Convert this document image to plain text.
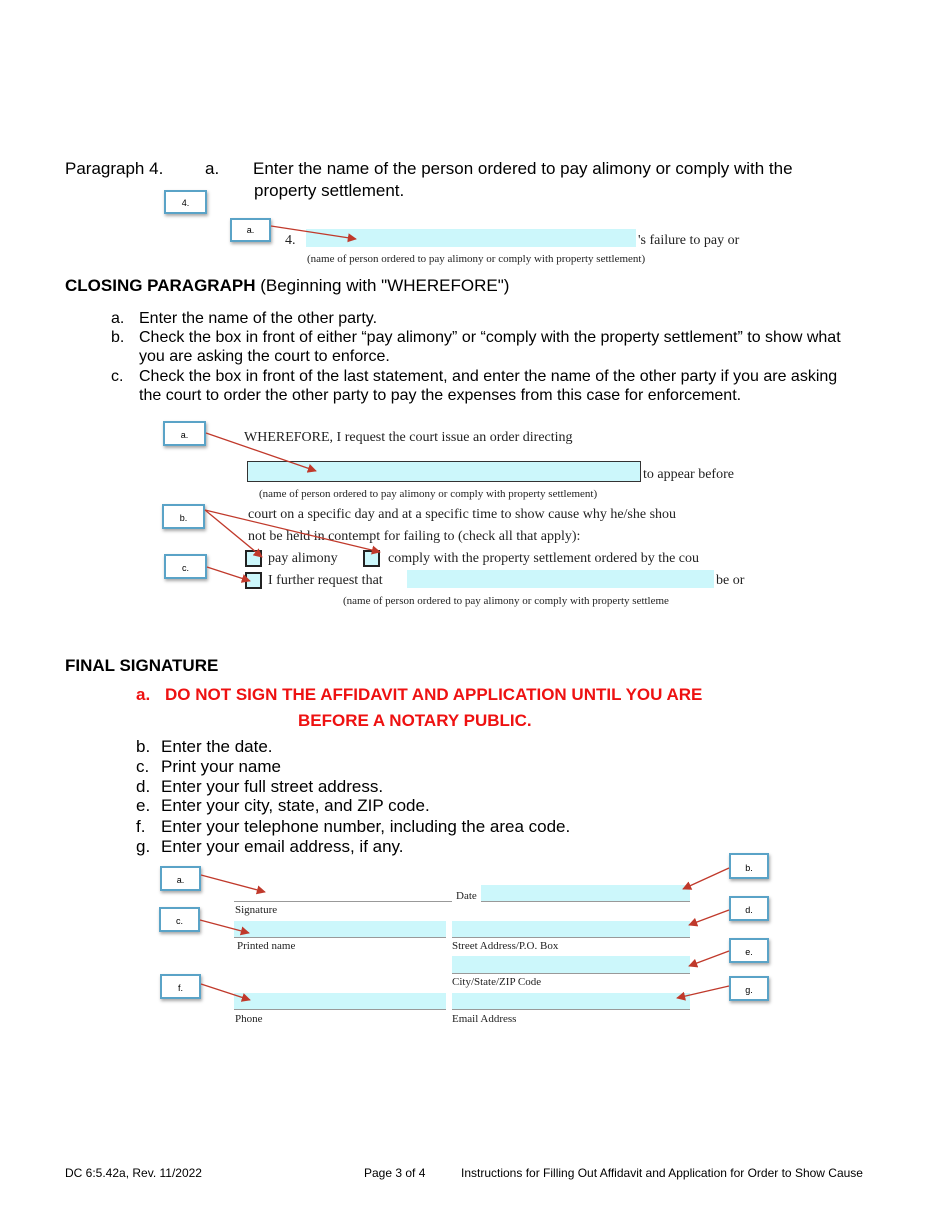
Paragraph 4. a. Enter the name of the person ordered to pay alimony or comply with the
property settlement.
4.
a.
4.	's failure to pay or
(name of person ordered to pay alimony or comply with property settlement)
CLOSING PARAGRAPH (Beginning with "WHEREFORE")
a. Enter the name of the other party.
b. Check the box in front of either “pay alimony” or “comply with the property settlement” to show what
you are asking the court to enforce.
c. Check the box in front of the last statement, and enter the name of the other party if you are asking
the court to order the other party to pay the expenses from this case for enforcement.
a.
b.
c.
WHEREFORE, I request the court issue an order directing
to appear before
(name of person ordered to pay alimony or comply with property settlement)
court on a specific day and at a specific time to show cause why he/she shou
not be held in contempt for failing to (check all that apply):
pay alimony	comply with the property settlement ordered by the cou
I further request that	be or
(name of person ordered to pay alimony or comply with property settleme
FINAL SIGNATURE
a. DO NOT SIGN THE AFFIDAVIT AND APPLICATION UNTIL YOU ARE
BEFORE A NOTARY PUBLIC.
b. Enter the date.
c. Print your name
d. Enter your full street address.
e. Enter your city, state, and ZIP code.
f. Enter your telephone number, including the area code.
g. Enter your email address, if any.
a.
b.
c.
d.
e.
f.	g.
Signature
Date
Printed name	Street Address/P.O. Box
City/State/ZIP Code
Phone	Email Address
DC 6:5.42a, Rev. 11/2022	Page 3 of 4	Instructions for Filling Out Affidavit and Application for Order to Show Cause
